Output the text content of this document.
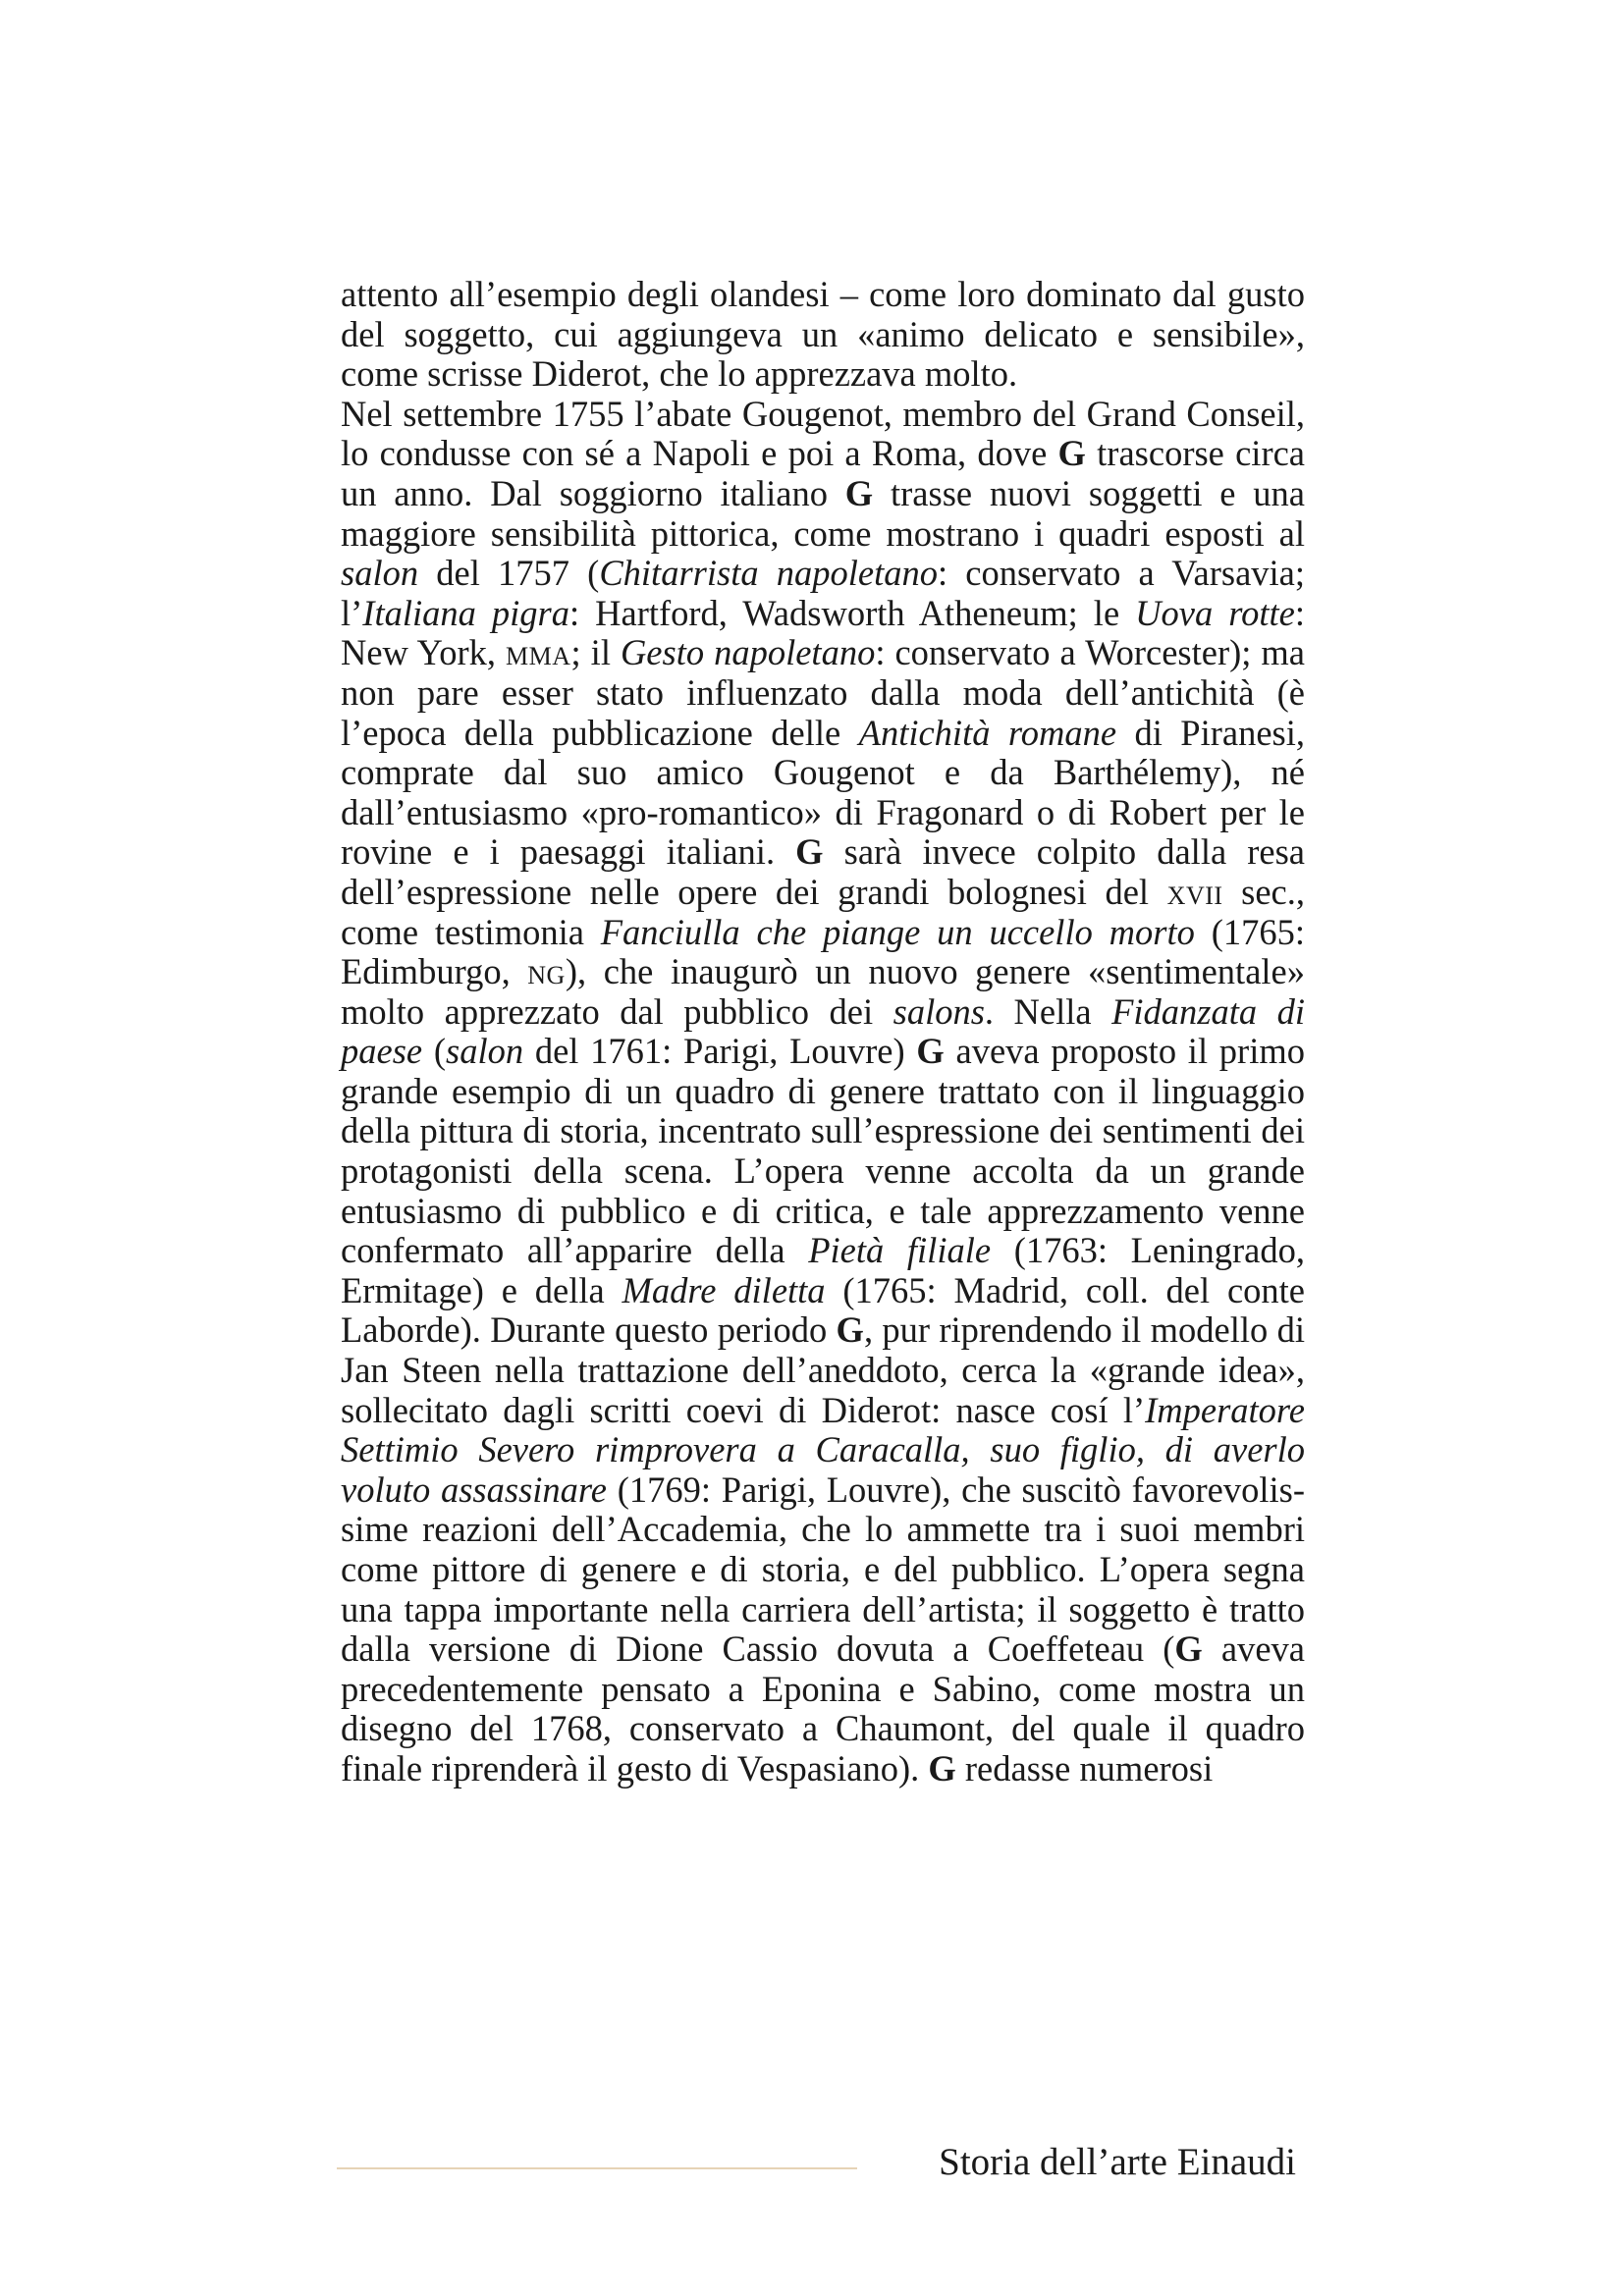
attento all’esempio degli olandesi – come loro dominato dal gusto del soggetto, cui aggiungeva un «animo delicato e sensibile», come scrisse Diderot, che lo apprezzava molto.

Nel settembre 1755 l’abate Gougenot, membro del Grand Conseil, lo condusse con sé a Napoli e poi a Roma, dove G trascorse circa un anno. Dal soggiorno italiano G trasse nuovi soggetti e una maggiore sensibilità pittorica, come mostrano i quadri esposti al salon del 1757 (Chitarrista napoletano: conservato a Varsavia; l’Italiana pigra: Hartford, Wadsworth Atheneum; le Uova rotte: New York, mma; il Gesto napoletano: conservato a Worcester); ma non pare esser stato influenzato dalla moda dell’antichità (è l’epoca della pubblicazione delle Antichità romane di Piranesi, comprate dal suo amico Gougenot e da Barthélemy), né dall’entusiasmo «pro-romantico» di Fragonard o di Robert per le rovine e i paesaggi italiani. G sarà invece colpito dalla resa dell’espressione nelle opere dei grandi bolognesi del xvii sec., come testimonia Fanciulla che piange un uccello morto (1765: Edimburgo, ng), che inaugurò un nuovo genere «sentimentale» molto apprezzato dal pubblico dei salons. Nella Fidanzata di paese (salon del 1761: Parigi, Louvre) G aveva proposto il primo grande esempio di un quadro di genere trattato con il linguaggio della pittura di storia, incentrato sull’espressione dei sentimenti dei protagonisti della scena. L’opera venne accolta da un grande entusiasmo di pubblico e di critica, e tale apprezzamento venne confermato all’apparire della Pietà filiale (1763: Leningrado, Ermitage) e della Madre diletta (1765: Madrid, coll. del conte Laborde). Durante questo periodo G, pur riprendendo il modello di Jan Steen nella trattazione dell’aneddoto, cerca la «grande idea», sollecitato dagli scritti coevi di Diderot: nasce cosí l’Imperatore Settimio Severo rimprovera a Caracalla, suo figlio, di averlo voluto assassinare (1769: Parigi, Louvre), che suscitò favorevolissime reazioni dell’Accademia, che lo ammette tra i suoi membri come pittore di genere e di storia, e del pubblico. L’opera segna una tappa importante nella carriera dell’artista; il soggetto è tratto dalla versione di Dione Cassio dovuta a Coeffeteau (G aveva precedentemente pensato a Eponina e Sabino, come mostra un disegno del 1768, conservato a Chaumont, del quale il quadro finale riprenderà il gesto di Vespasiano). G redasse numerosi

Storia dell’arte Einaudi
